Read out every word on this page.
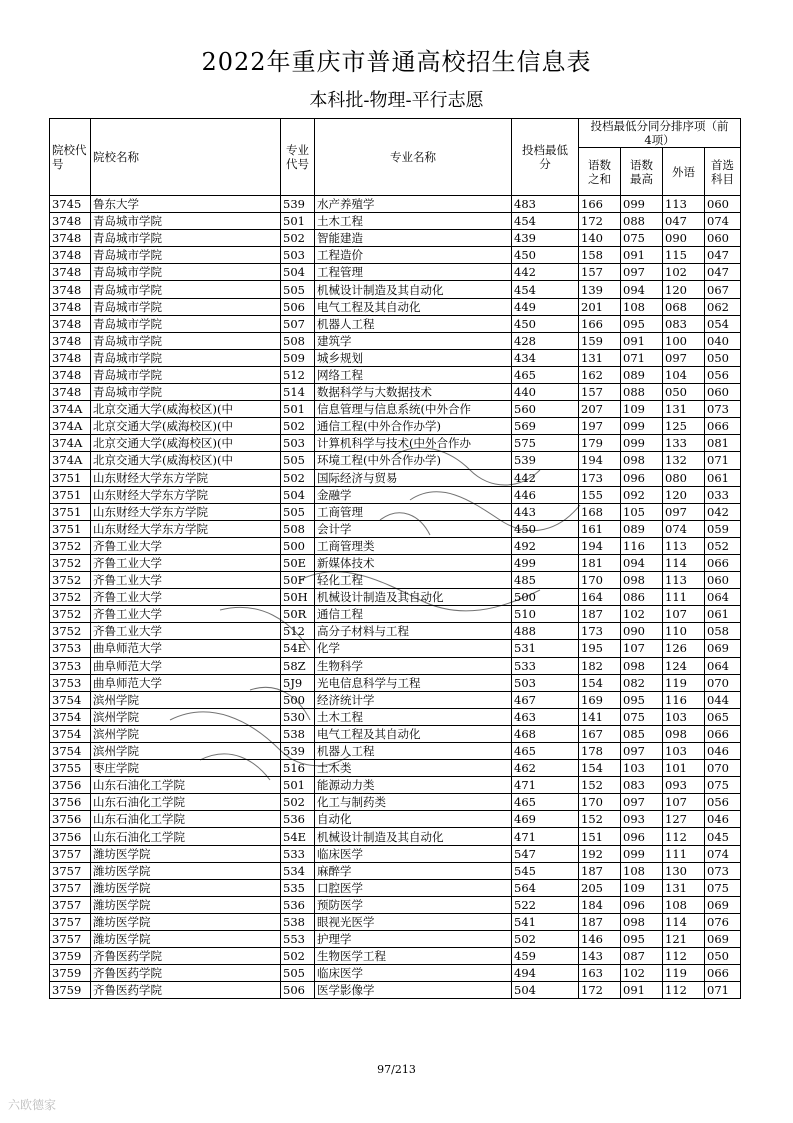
2022年重庆市普通高校招生信息表
本科批-物理-平行志愿
院校代号	院校名称	专业代号	专业名称	投档最低分	投档最低分同分排序项（前4项）			
					语数之和	语数最高	外语	首选科目
3745	鲁东大学	539	水产养殖学	483	166	099	113	060
3748	青岛城市学院	501	土木工程	454	172	088	047	074
3748	青岛城市学院	502	智能建造	439	140	075	090	060
3748	青岛城市学院	503	工程造价	450	158	091	115	047
3748	青岛城市学院	504	工程管理	442	157	097	102	047
3748	青岛城市学院	505	机械设计制造及其自动化	454	139	094	120	067
3748	青岛城市学院	506	电气工程及其自动化	449	201	108	068	062
3748	青岛城市学院	507	机器人工程	450	166	095	083	054
3748	青岛城市学院	508	建筑学	428	159	091	100	040
3748	青岛城市学院	509	城乡规划	434	131	071	097	050
3748	青岛城市学院	512	网络工程	465	162	089	104	056
3748	青岛城市学院	514	数据科学与大数据技术	440	157	088	050	060
374A	北京交通大学(威海校区)(中	501	信息管理与信息系统(中外合作	560	207	109	131	073
374A	北京交通大学(威海校区)(中	502	通信工程(中外合作办学)	569	197	099	125	066
374A	北京交通大学(威海校区)(中	503	计算机科学与技术(中外合作办	575	179	099	133	081
374A	北京交通大学(威海校区)(中	505	环境工程(中外合作办学)	539	194	098	132	071
3751	山东财经大学东方学院	502	国际经济与贸易	442	173	096	080	061
3751	山东财经大学东方学院	504	金融学	446	155	092	120	033
3751	山东财经大学东方学院	505	工商管理	443	168	105	097	042
3751	山东财经大学东方学院	508	会计学	450	161	089	074	059
3752	齐鲁工业大学	500	工商管理类	492	194	116	113	052
3752	齐鲁工业大学	50E	新媒体技术	499	181	094	114	066
3752	齐鲁工业大学	50F	轻化工程	485	170	098	113	060
3752	齐鲁工业大学	50H	机械设计制造及其自动化	500	164	086	111	064
3752	齐鲁工业大学	50R	通信工程	510	187	102	107	061
3752	齐鲁工业大学	512	高分子材料与工程	488	173	090	110	058
3753	曲阜师范大学	54E	化学	531	195	107	126	069
3753	曲阜师范大学	58Z	生物科学	533	182	098	124	064
3753	曲阜师范大学	5J9	光电信息科学与工程	503	154	082	119	070
3754	滨州学院	500	经济统计学	467	169	095	116	044
3754	滨州学院	530	土木工程	463	141	075	103	065
3754	滨州学院	538	电气工程及其自动化	468	167	085	098	066
3754	滨州学院	539	机器人工程	465	178	097	103	046
3755	枣庄学院	516	土木类	462	154	103	101	070
3756	山东石油化工学院	501	能源动力类	471	152	083	093	075
3756	山东石油化工学院	502	化工与制药类	465	170	097	107	056
3756	山东石油化工学院	536	自动化	469	152	093	127	046
3756	山东石油化工学院	54E	机械设计制造及其自动化	471	151	096	112	045
3757	潍坊医学院	533	临床医学	547	192	099	111	074
3757	潍坊医学院	534	麻醉学	545	187	108	130	073
3757	潍坊医学院	535	口腔医学	564	205	109	131	075
3757	潍坊医学院	536	预防医学	522	184	096	108	069
3757	潍坊医学院	538	眼视光医学	541	187	098	114	076
3757	潍坊医学院	553	护理学	502	146	095	121	069
3759	齐鲁医药学院	502	生物医学工程	459	143	087	112	050
3759	齐鲁医药学院	505	临床医学	494	163	102	119	066
3759	齐鲁医药学院	506	医学影像学	504	172	091	112	071
97/213
六欧德家
